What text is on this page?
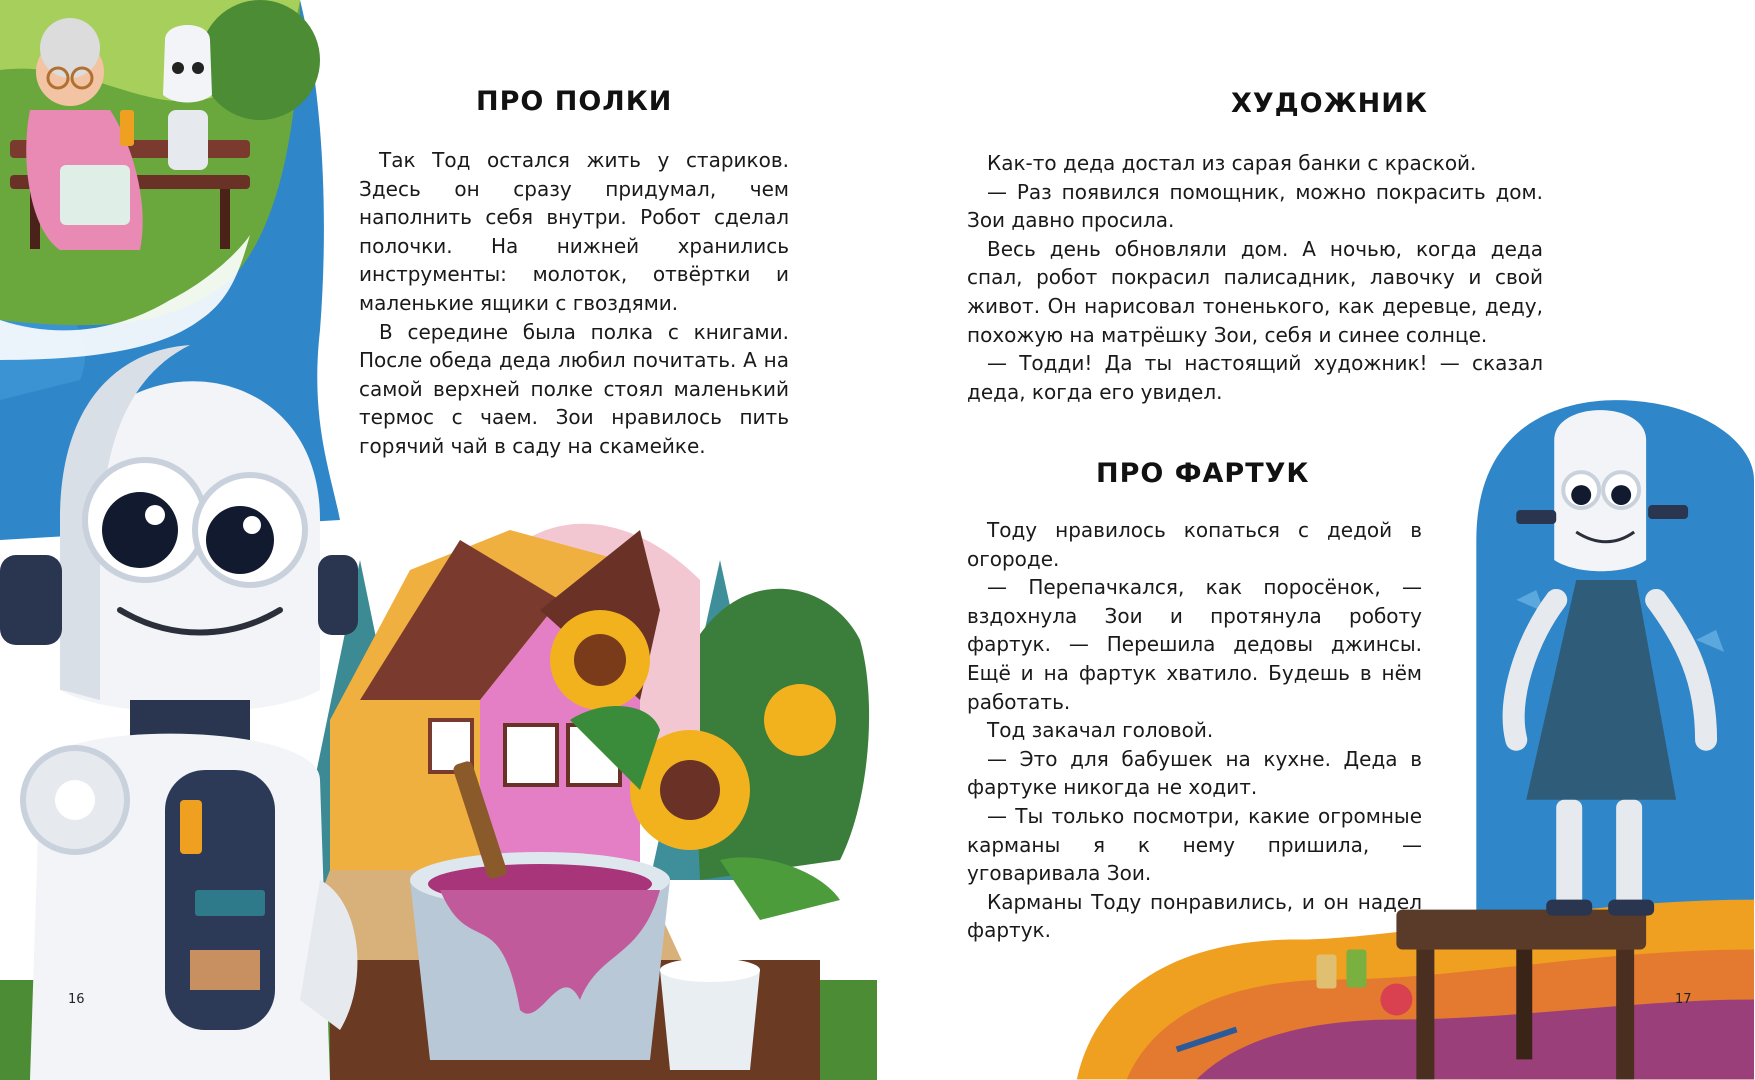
ПРО ПОЛКИ

Так Тод остался жить у стариков. Здесь он сразу придумал, чем наполнить себя внутри. Робот сделал полочки. На нижней хранились инструменты: молоток, отвёртки и маленькие ящики с гвоздями.

В середине была полка с книгами. После обеда деда любил почитать. А на самой верхней полке стоял маленький термос с чаем. Зои нравилось пить горячий чай в саду на скамейке.

16
ХУДОЖНИК

Как-то деда достал из сарая банки с краской.

— Раз появился помощник, можно покрасить дом. Зои давно просила.

Весь день обновляли дом. А ночью, когда деда спал, робот покрасил палисадник, лавочку и свой живот. Он нарисовал тоненького, как деревце, деду, похожую на матрёшку Зои, себя и синее солнце.

— Тодди! Да ты настоящий художник! — сказал деда, когда его увидел.

ПРО ФАРТУК

Тоду нравилось копаться с дедой в огороде.

— Перепачкался, как поросёнок, — вздохнула Зои и протянула роботу фартук. — Перешила дедовы джинсы. Ещё и на фартук хватило. Будешь в нём работать.

Тод закачал головой.

— Это для бабушек на кухне. Деда в фартуке никогда не ходит.

— Ты только посмотри, какие огромные карманы я к нему пришила, — уговаривала Зои.

Карманы Тоду понравились, и он надел фартук.

17
